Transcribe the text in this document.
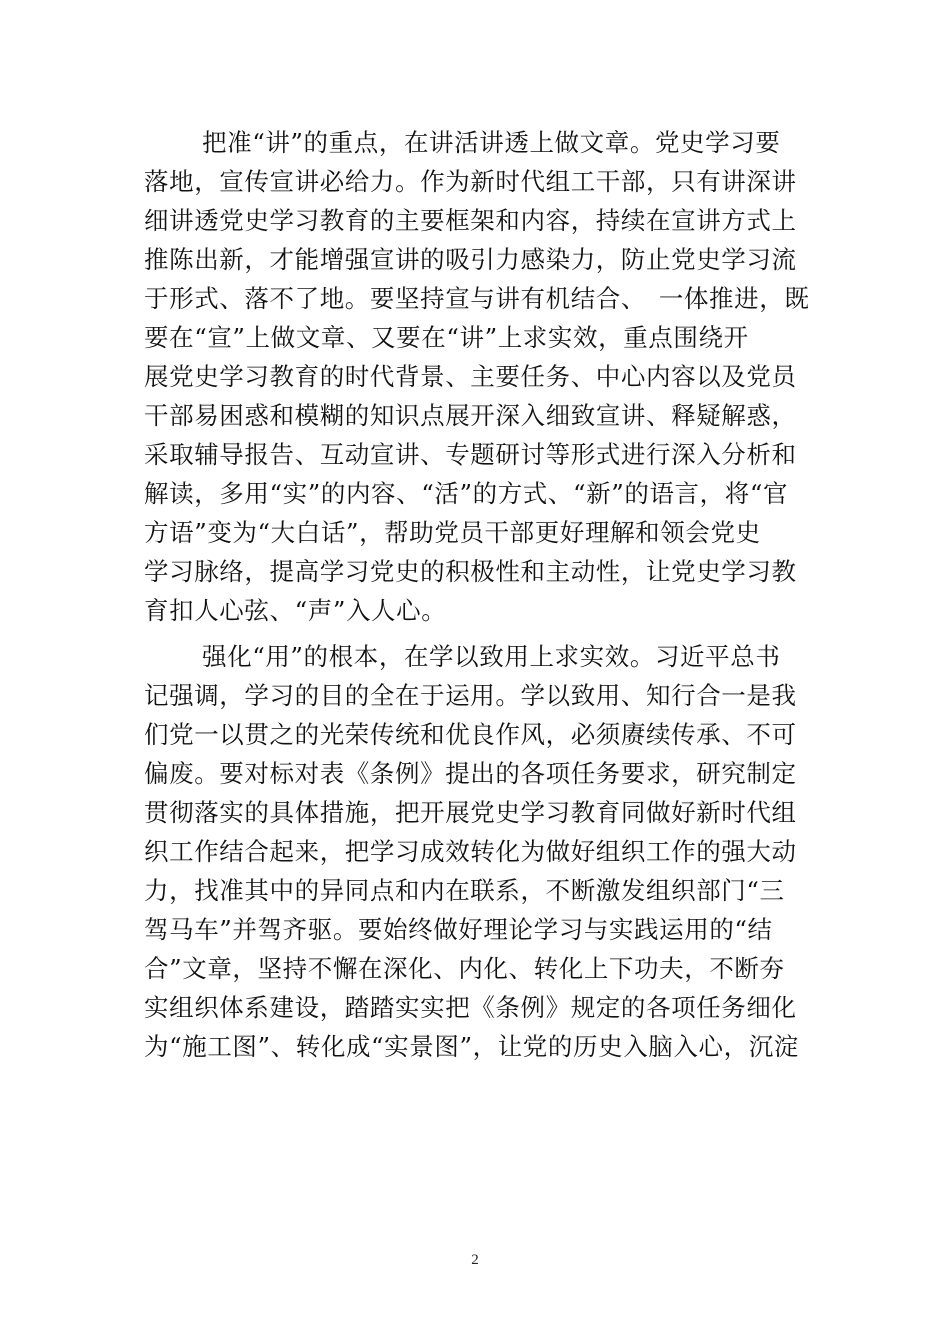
把准“讲”的重点，在讲活讲透上做文章。党史学习要
落地，宣传宣讲必给力。作为新时代组工干部，只有讲深讲
细讲透党史学习教育的主要框架和内容，持续在宣讲方式上
推陈出新，才能增强宣讲的吸引力感染力，防止党史学习流
于形式、落不了地。要坚持宣与讲有机结合、　一体推进，既
要在“宣”上做文章、又要在“讲”上求实效，重点围绕开
展党史学习教育的时代背景、主要任务、中心内容以及党员
干部易困惑和模糊的知识点展开深入细致宣讲、释疑解惑，
采取辅导报告、互动宣讲、专题研讨等形式进行深入分析和
解读，多用“实”的内容、“活”的方式、“新”的语言，将“官
方语”变为“大白话”，帮助党员干部更好理解和领会党史
学习脉络，提高学习党史的积极性和主动性，让党史学习教
育扣人心弦、“声”入人心。

强化“用”的根本，在学以致用上求实效。习近平总书
记强调，学习的目的全在于运用。学以致用、知行合一是我
们党一以贯之的光荣传统和优良作风，必须赓续传承、不可
偏废。要对标对表《条例》提出的各项任务要求，研究制定
贯彻落实的具体措施，把开展党史学习教育同做好新时代组
织工作结合起来，把学习成效转化为做好组织工作的强大动
力，找准其中的异同点和内在联系，不断激发组织部门“三
驾马车”并驾齐驱。要始终做好理论学习与实践运用的“结
合”文章，坚持不懈在深化、内化、转化上下功夫，不断夯
实组织体系建设，踏踏实实把《条例》规定的各项任务细化
为“施工图”、转化成“实景图”，让党的历史入脑入心，沉淀

2
